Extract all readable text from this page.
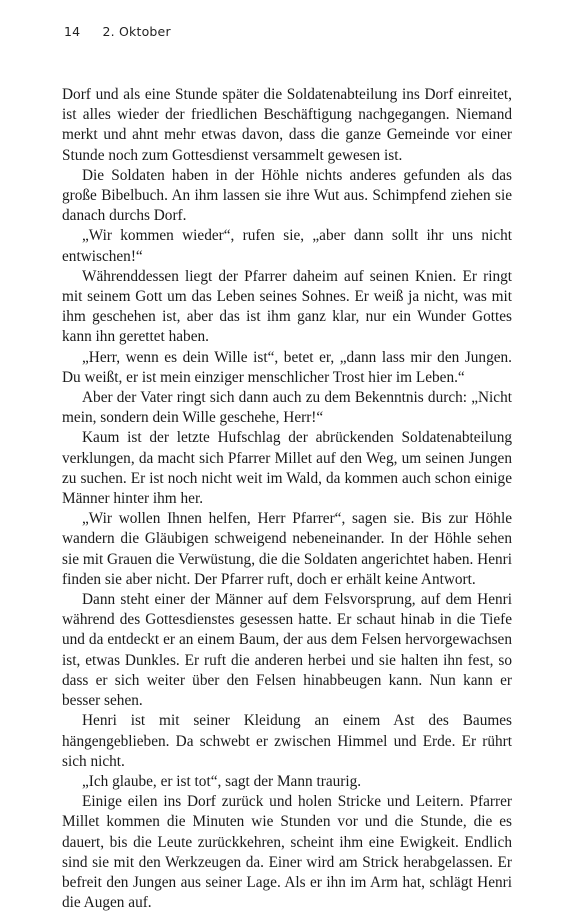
14 2. Oktober

Dorf und als eine Stunde später die Soldatenabteilung ins Dorf einreitet, ist alles wieder der friedlichen Beschäftigung nachgegangen. Niemand merkt und ahnt mehr etwas davon, dass die ganze Gemeinde vor einer Stunde noch zum Gottesdienst versammelt gewesen ist.

Die Soldaten haben in der Höhle nichts anderes gefunden als das große Bibelbuch. An ihm lassen sie ihre Wut aus. Schimpfend ziehen sie danach durchs Dorf.

„Wir kommen wieder“, rufen sie, „aber dann sollt ihr uns nicht entwischen!“

Währenddessen liegt der Pfarrer daheim auf seinen Knien. Er ringt mit seinem Gott um das Leben seines Sohnes. Er weiß ja nicht, was mit ihm geschehen ist, aber das ist ihm ganz klar, nur ein Wunder Gottes kann ihn gerettet haben.

„Herr, wenn es dein Wille ist“, betet er, „dann lass mir den Jungen. Du weißt, er ist mein einziger menschlicher Trost hier im Leben.“

Aber der Vater ringt sich dann auch zu dem Bekenntnis durch: „Nicht mein, sondern dein Wille geschehe, Herr!“

Kaum ist der letzte Hufschlag der abrückenden Soldatenabteilung verklungen, da macht sich Pfarrer Millet auf den Weg, um seinen Jungen zu suchen. Er ist noch nicht weit im Wald, da kommen auch schon einige Männer hinter ihm her.

„Wir wollen Ihnen helfen, Herr Pfarrer“, sagen sie. Bis zur Höhle wandern die Gläubigen schweigend nebeneinander. In der Höhle sehen sie mit Grauen die Verwüstung, die die Soldaten angerichtet haben. Henri finden sie aber nicht. Der Pfarrer ruft, doch er erhält keine Antwort.

Dann steht einer der Männer auf dem Felsvorsprung, auf dem Henri während des Gottesdienstes gesessen hatte. Er schaut hinab in die Tiefe und da entdeckt er an einem Baum, der aus dem Felsen hervorgewachsen ist, etwas Dunkles. Er ruft die anderen herbei und sie halten ihn fest, so dass er sich weiter über den Felsen hinabbeugen kann. Nun kann er besser sehen.

Henri ist mit seiner Kleidung an einem Ast des Baumes hängengeblieben. Da schwebt er zwischen Himmel und Erde. Er rührt sich nicht.

„Ich glaube, er ist tot“, sagt der Mann traurig.

Einige eilen ins Dorf zurück und holen Stricke und Leitern. Pfarrer Millet kommen die Minuten wie Stunden vor und die Stunde, die es dauert, bis die Leute zurückkehren, scheint ihm eine Ewigkeit. Endlich sind sie mit den Werkzeugen da. Einer wird am Strick herabgelassen. Er befreit den Jungen aus seiner Lage. Als er ihn im Arm hat, schlägt Henri die Augen auf.
